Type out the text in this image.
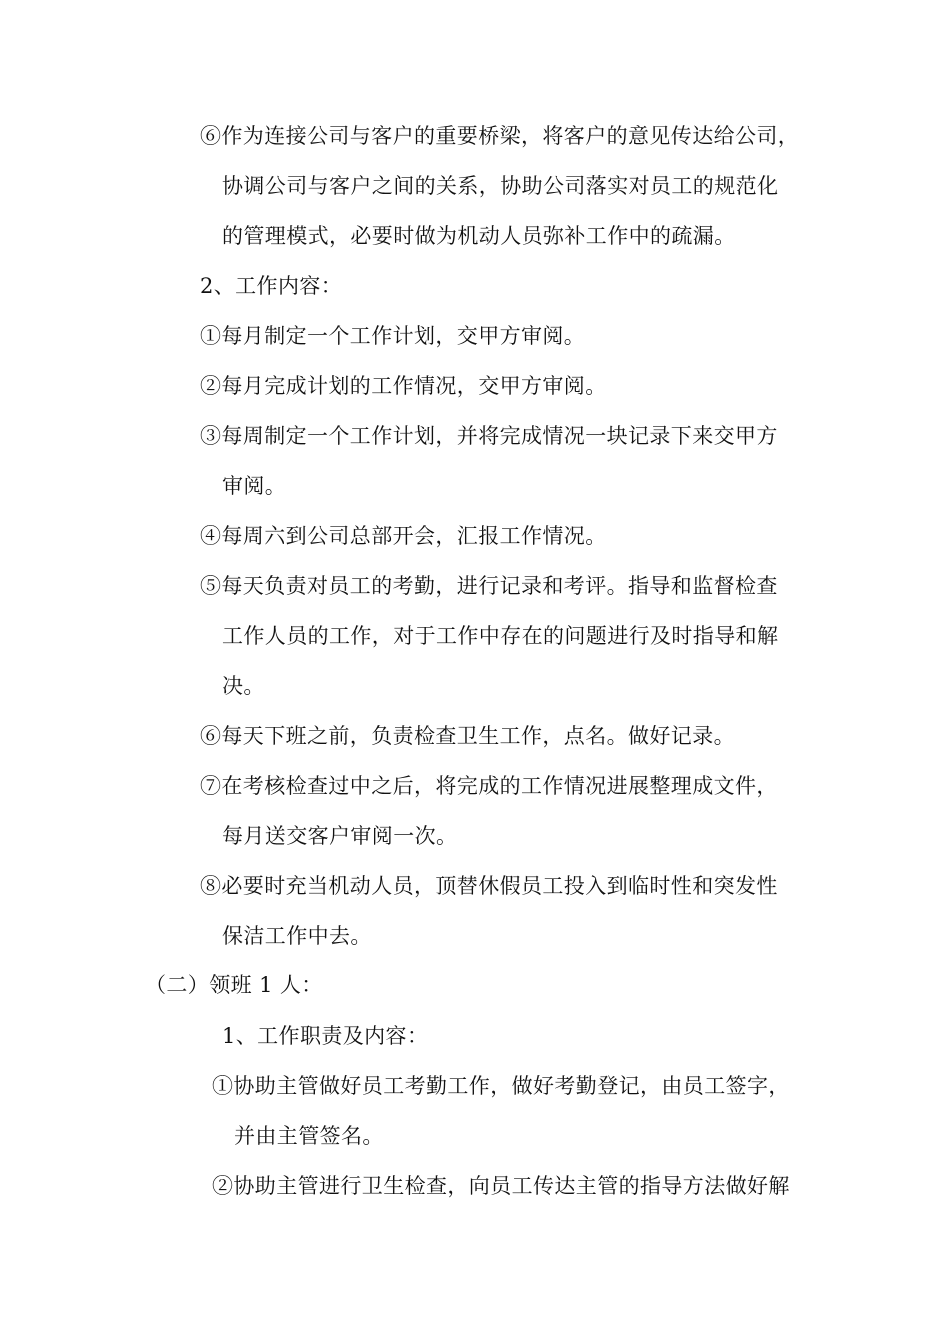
⑥作为连接公司与客户的重要桥梁，将客户的意见传达给公司，
协调公司与客户之间的关系，协助公司落实对员工的规范化
的管理模式，必要时做为机动人员弥补工作中的疏漏。
2、工作内容：
①每月制定一个工作计划，交甲方审阅。
②每月完成计划的工作情况，交甲方审阅。
③每周制定一个工作计划，并将完成情况一块记录下来交甲方
审阅。
④每周六到公司总部开会，汇报工作情况。
⑤每天负责对员工的考勤，进行记录和考评。指导和监督检查
工作人员的工作，对于工作中存在的问题进行及时指导和解
决。
⑥每天下班之前，负责检查卫生工作，点名。做好记录。
⑦在考核检查过中之后，将完成的工作情况进展整理成文件，
每月送交客户审阅一次。
⑧必要时充当机动人员，顶替休假员工投入到临时性和突发性
保洁工作中去。
（二）领班 1 人：
1、工作职责及内容：
①协助主管做好员工考勤工作，做好考勤登记，由员工签字，
并由主管签名。
②协助主管进行卫生检查，向员工传达主管的指导方法做好解
